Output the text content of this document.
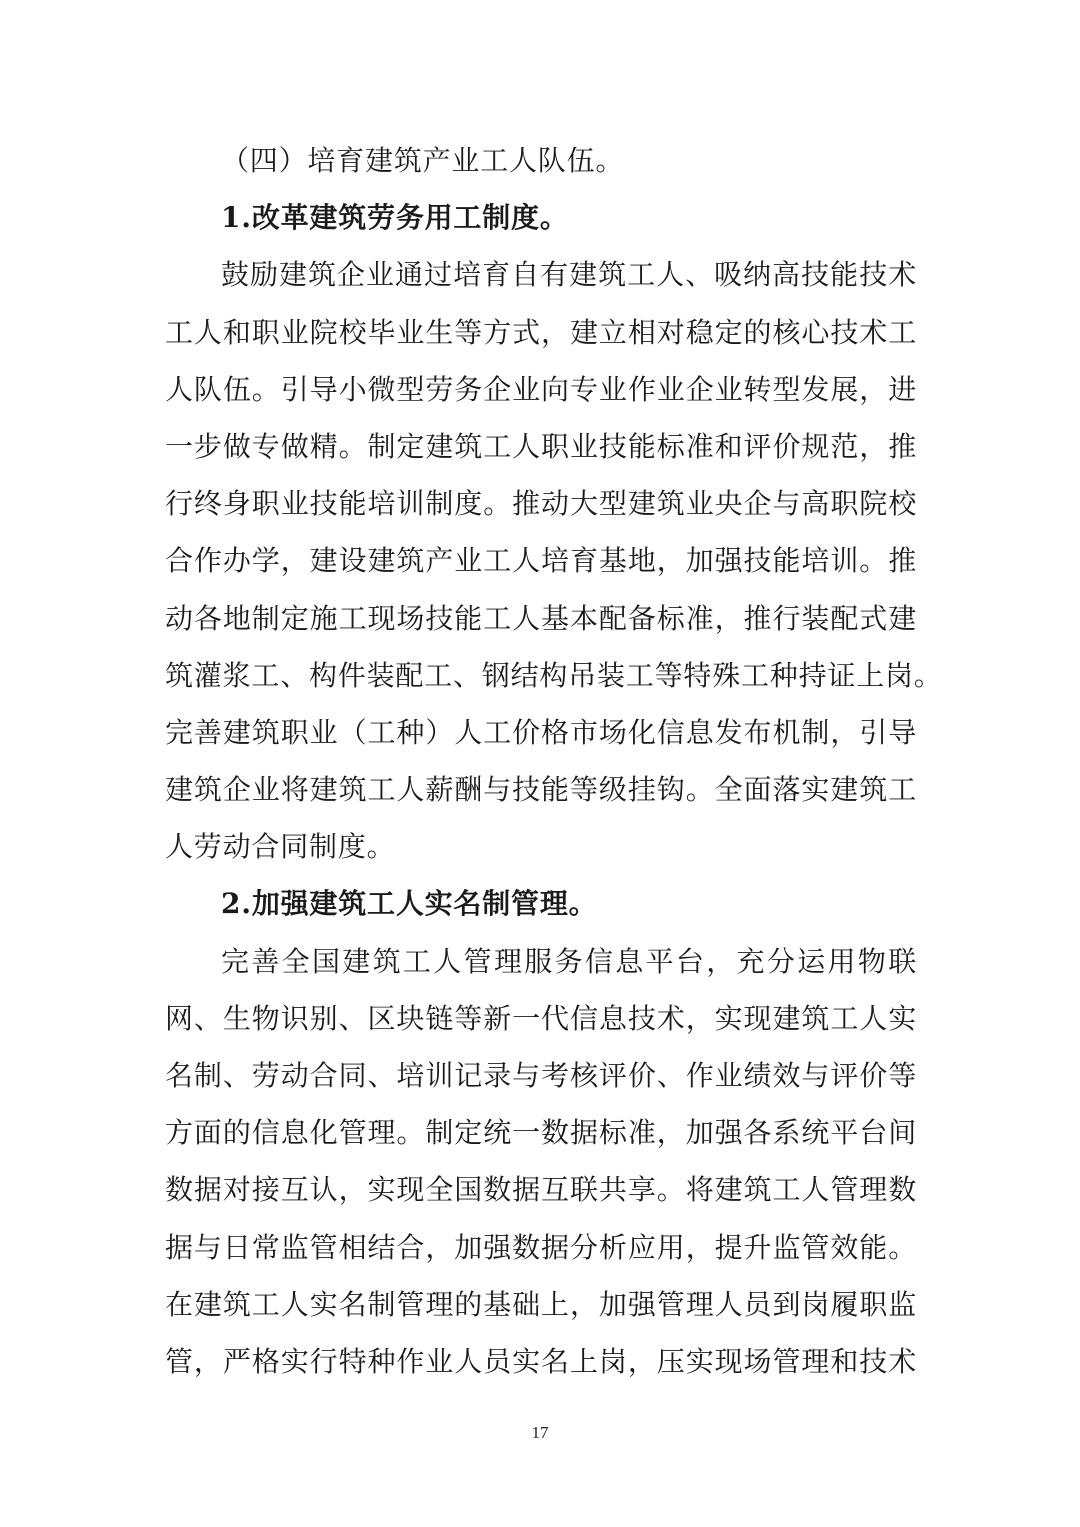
（四）培育建筑产业工人队伍。
1.改革建筑劳务用工制度。
鼓励建筑企业通过培育自有建筑工人、吸纳高技能技术
工人和职业院校毕业生等方式，建立相对稳定的核心技术工
人队伍。引导小微型劳务企业向专业作业企业转型发展，进
一步做专做精。制定建筑工人职业技能标准和评价规范，推
行终身职业技能培训制度。推动大型建筑业央企与高职院校
合作办学，建设建筑产业工人培育基地，加强技能培训。推
动各地制定施工现场技能工人基本配备标准，推行装配式建
筑灌浆工、构件装配工、钢结构吊装工等特殊工种持证上岗。
完善建筑职业（工种）人工价格市场化信息发布机制，引导
建筑企业将建筑工人薪酬与技能等级挂钩。全面落实建筑工
人劳动合同制度。
2.加强建筑工人实名制管理。
完善全国建筑工人管理服务信息平台，充分运用物联
网、生物识别、区块链等新一代信息技术，实现建筑工人实
名制、劳动合同、培训记录与考核评价、作业绩效与评价等
方面的信息化管理。制定统一数据标准，加强各系统平台间
数据对接互认，实现全国数据互联共享。将建筑工人管理数
据与日常监管相结合，加强数据分析应用，提升监管效能。
在建筑工人实名制管理的基础上，加强管理人员到岗履职监
管，严格实行特种作业人员实名上岗，压实现场管理和技术
17
